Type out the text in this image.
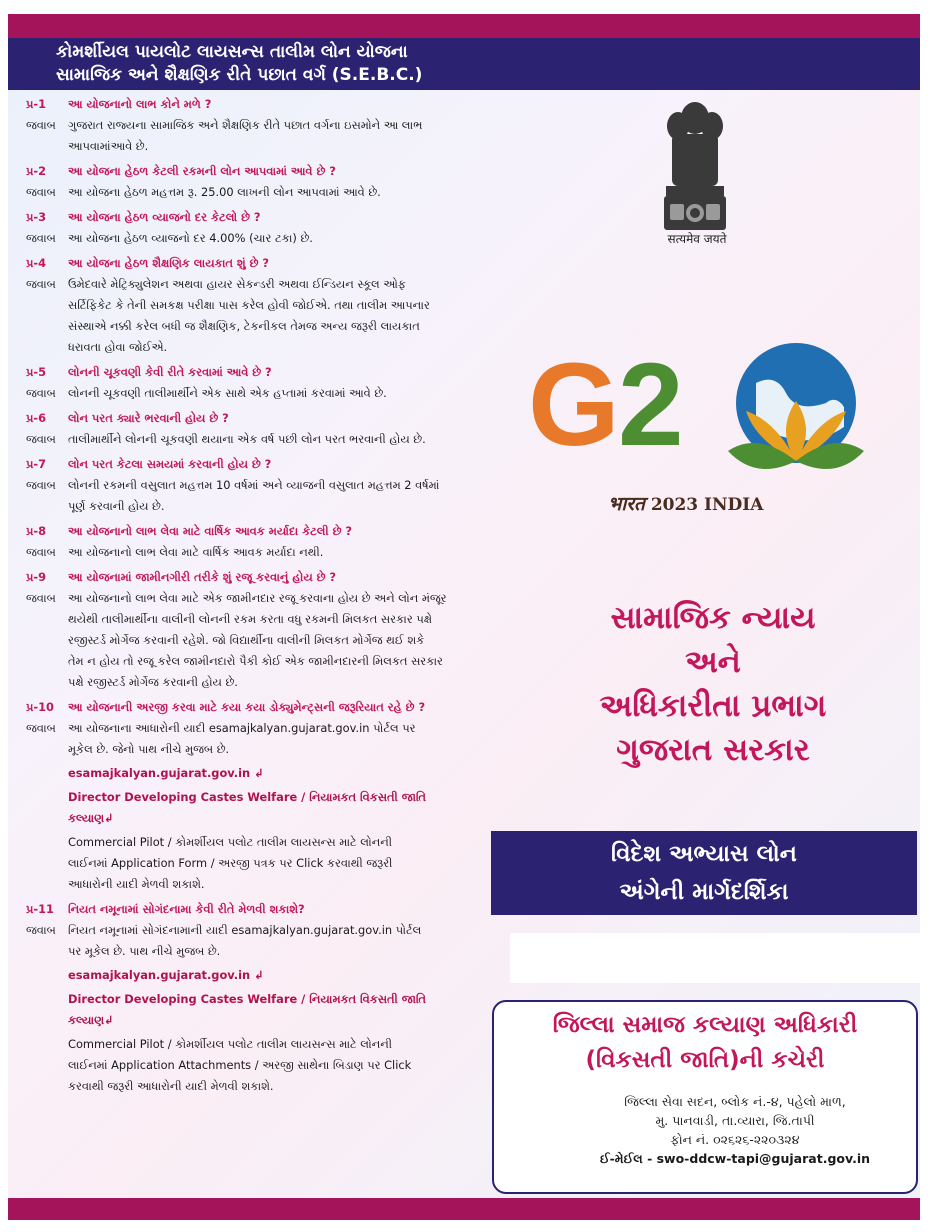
કોમર્શીયલ પાયલોટ લાયસન્સ તાલીમ લોન યોજના
સામાજિક અને શૈક્ષણિક રીતે પછાત વર્ગ (S.E.B.C.)
પ્ર-1	આ યોજનાનો લાભ કોને મળે ?
જવાબ	ગુજરાત રાજ્યના સામાજિક અને શૈક્ષણિક રીતે પછાત વર્ગના ઇસમોને આ લાભ
આપવામાંઆવે છે.
પ્ર-2	આ યોજના હેઠળ કેટલી રકમની લોન આપવામાં આવે છે ?
જવાબ	આ યોજના હેઠળ મહત્તમ રૂ. 25.00 લાખની લોન આપવામાં આવે છે.
પ્ર-3	આ યોજના હેઠળ વ્યાજનો દર કેટલો છે ?
જવાબ	આ યોજના હેઠળ વ્યાજનો દર 4.00% (ચાર ટકા) છે.
પ્ર-4	આ યોજના હેઠળ શૈક્ષણિક લાયકાત શું છે ?
જવાબ	ઉમેદવારે મેટ્રિક્યુલેશન અથવા હાયર સેકન્ડરી અથવા ઈન્ડિયન સ્કૂલ ઓફ
સર્ટિફિકેટ કે તેની સમકક્ષ પરીક્ષા પાસ કરેલ હોવી જોઈએ. તથા તાલીમ આપનાર
સંસ્થાએ નક્કી કરેલ બધી જ શૈક્ષણિક, ટેકનીકલ તેમજ અન્ય જરૂરી લાયકાત
ધરાવતા હોવા જોઈએ.
પ્ર-5	લોનની ચૂકવણી કેવી રીતે કરવામાં આવે છે ?
જવાબ	લોનની ચૂકવણી તાલીમાર્થીને એક સાથે એક હપ્તામાં કરવામાં આવે છે.
પ્ર-6	લોન પરત ક્યારે ભરવાની હોય છે ?
જવાબ	તાલીમાર્થીને લોનની ચૂકવણી થયાના એક વર્ષ પછી લોન પરત ભરવાની હોય છે.
પ્ર-7	લોન પરત કેટલા સમયમાં કરવાની હોય છે ?
જવાબ	લોનની રકમની વસુલાત મહત્તમ 10 વર્ષમાં અને વ્યાજની વસુલાત મહત્તમ 2 વર્ષમાં
પૂર્ણ કરવાની હોય છે.
પ્ર-8	આ યોજનાનો લાભ લેવા માટે વાર્ષિક આવક મર્યાદા કેટલી છે ?
જવાબ	આ યોજનાનો લાભ લેવા માટે વાર્ષિક આવક મર્યાદા નથી.
પ્ર-9	આ યોજનામાં જામીનગીરી તરીકે શું રજૂ કરવાનું હોય છે ?
જવાબ	આ યોજનાનો લાભ લેવા માટે એક જામીનદાર રજૂ કરવાના હોય છે અને લોન મંજૂર
થયેથી તાલીમાર્થીના વાલીની લોનની રકમ કરતા વધુ રકમની મિલકત સરકાર પક્ષે
રજીસ્ટર્ડ મોર્ગેજ કરવાની રહેશે. જો વિદ્યાર્થીના વાલીની મિલકત મોર્ગેજ થઈ શકે
તેમ ન હોય તો રજૂ કરેલ જામીનદારો પૈકી કોઈ એક જામીનદારની મિલકત સરકાર
પક્ષે રજીસ્ટર્ડ મોર્ગેજ કરવાની હોય છે.
પ્ર-10	આ યોજનાની અરજી કરવા માટે કયા કયા ડોક્યુમેન્ટ્સની જરૂરિયાત રહે છે ?
જવાબ	આ યોજનાના આધારોની યાદી esamajkalyan.gujarat.gov.in પોર્ટલ પર
મૂકેલ છે. જેનો પાથ નીચે મુજબ છે.
esamajkalyan.gujarat.gov.in ↲
Director Developing Castes Welfare / નિયામકત વિકસતી જાતિ
કલ્યાણ↲
Commercial Pilot / કોમર્શીયલ પલોટ તાલીમ લાયસન્સ માટે લોનની
લાઈનમાં Application Form / અરજી પત્રક પર Click કરવાથી જરૂરી
આધારોની યાદી મેળવી શકાશે.
પ્ર-11	નિયત નમૂનામાં સોગંદનામા કેવી રીતે મેળવી શકાશે?
જવાબ	નિયત નમૂનામાં સોગંદનામાની યાદી esamajkalyan.gujarat.gov.in પોર્ટલ
પર મૂકેલ છે. પાથ નીચે મુજબ છે.
esamajkalyan.gujarat.gov.in ↲
Director Developing Castes Welfare / નિયામકત વિકસતી જાતિ
કલ્યાણ↲
Commercial Pilot / કોમર્શીયલ પલોટ તાલીમ લાયસન્સ માટે લોનની
લાઈનમાં Application Attachments / અરજી સાથેના બિડાણ પર Click
કરવાથી જરૂરી આધારોની યાદી મેળવી શકાશે.
सत्यमेव जयते
G
2
भारत 2023 INDIA
સામાજિક ન્યાય
અને
અધિકારીતા પ્રભાગ
ગુજરાત સરકાર
વિદેશ અભ્યાસ લોન
અંગેની માર્ગદર્શિકા
જિલ્લા સમાજ કલ્યાણ અધિકારી
(વિકસતી જાતિ)ની કચેરી
જિલ્લા સેવા સદન, બ્લોક નં.-૪, પહેલો માળ,
મુ. પાનવાડી, તા.વ્યારા, જિ.તાપી
ફોન નં. ૦૨૬૨૬-૨૨૦૩૨૪
ઈ-મેઈલ - swo-ddcw-tapi@gujarat.gov.in
